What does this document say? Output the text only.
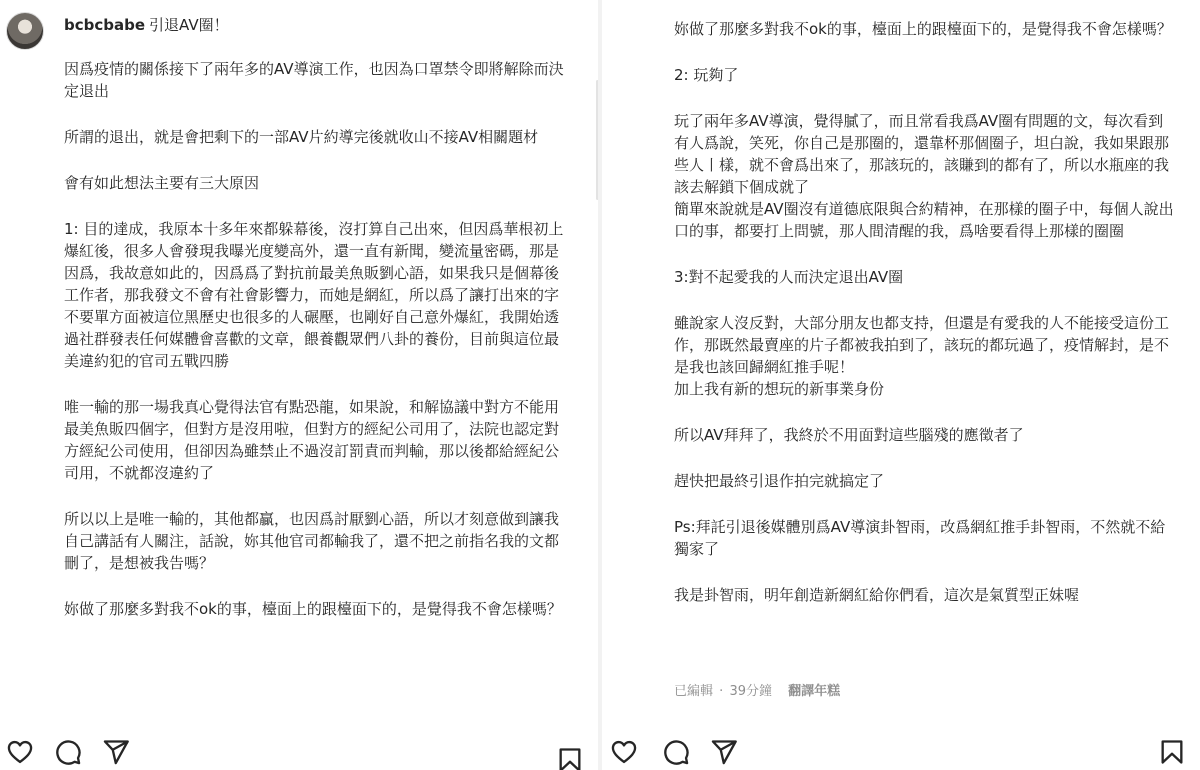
bcbcbabe 引退AV圈！

因爲疫情的關係接下了兩年多的AV導演工作，也因為口罩禁令即將解除而決定退出

所謂的退出，就是會把剩下的一部AV片約導完後就收山不接AV相關題材

會有如此想法主要有三大原因

1: 目的達成，我原本十多年來都躲幕後，沒打算自己出來，但因爲華根初上爆紅後，很多人會發現我曝光度變高外，還一直有新聞，變流量密碼，那是因爲，我故意如此的，因爲爲了對抗前最美魚販劉心語，如果我只是個幕後工作者，那我發文不會有社會影響力，而她是網紅，所以爲了讓打出來的字不要單方面被這位黑歷史也很多的人碾壓，也剛好自己意外爆紅，我開始透過社群發表任何媒體會喜歡的文章，餵養觀眾們八卦的養份，目前與這位最美違約犯的官司五戰四勝

唯一輸的那一場我真心覺得法官有點恐龍，如果說，和解協議中對方不能用最美魚販四個字，但對方是沒用啦，但對方的經紀公司用了，法院也認定對方經紀公司使用，但卻因為雖禁止不過沒訂罰責而判輸，那以後都給經紀公司用，不就都沒違約了

所以以上是唯一輸的，其他都贏，也因爲討厭劉心語，所以才刻意做到讓我自己講話有人關注，話說，妳其他官司都輸我了，還不把之前指名我的文都刪了，是想被我告嗎？

妳做了那麼多對我不ok的事，檯面上的跟檯面下的，是覺得我不會怎樣嗎？

妳做了那麼多對我不ok的事，檯面上的跟檯面下的，是覺得我不會怎樣嗎？

2: 玩夠了

玩了兩年多AV導演，覺得膩了，而且常看我爲AV圈有問題的文，每次看到有人爲說，笑死，你自己是那圈的，還靠杯那個圈子，坦白說，我如果跟那些人丨樣，就不會爲出來了，那該玩的，該賺到的都有了，所以水瓶座的我該去解鎖下個成就了
簡單來說就是AV圈沒有道德底限與合約精神，在那樣的圈子中，每個人說出口的事，都要打上問號，那人間清醒的我，爲啥要看得上那樣的圈圈

3:對不起愛我的人而決定退出AV圈

雖說家人沒反對，大部分朋友也都支持，但還是有愛我的人不能接受這份工作，那既然最賣座的片子都被我拍到了，該玩的都玩過了，疫情解封，是不是我也該回歸網紅推手呢！
加上我有新的想玩的新事業身份

所以AV拜拜了，我終於不用面對這些腦殘的應徵者了

趕快把最終引退作拍完就搞定了

Ps:拜託引退後媒體別爲AV導演卦智雨，改爲網紅推手卦智雨，不然就不給獨家了

我是卦智雨，明年創造新網紅給你們看，這次是氣質型正妹喔

已編輯 · 39分鐘 翻譯年糕
